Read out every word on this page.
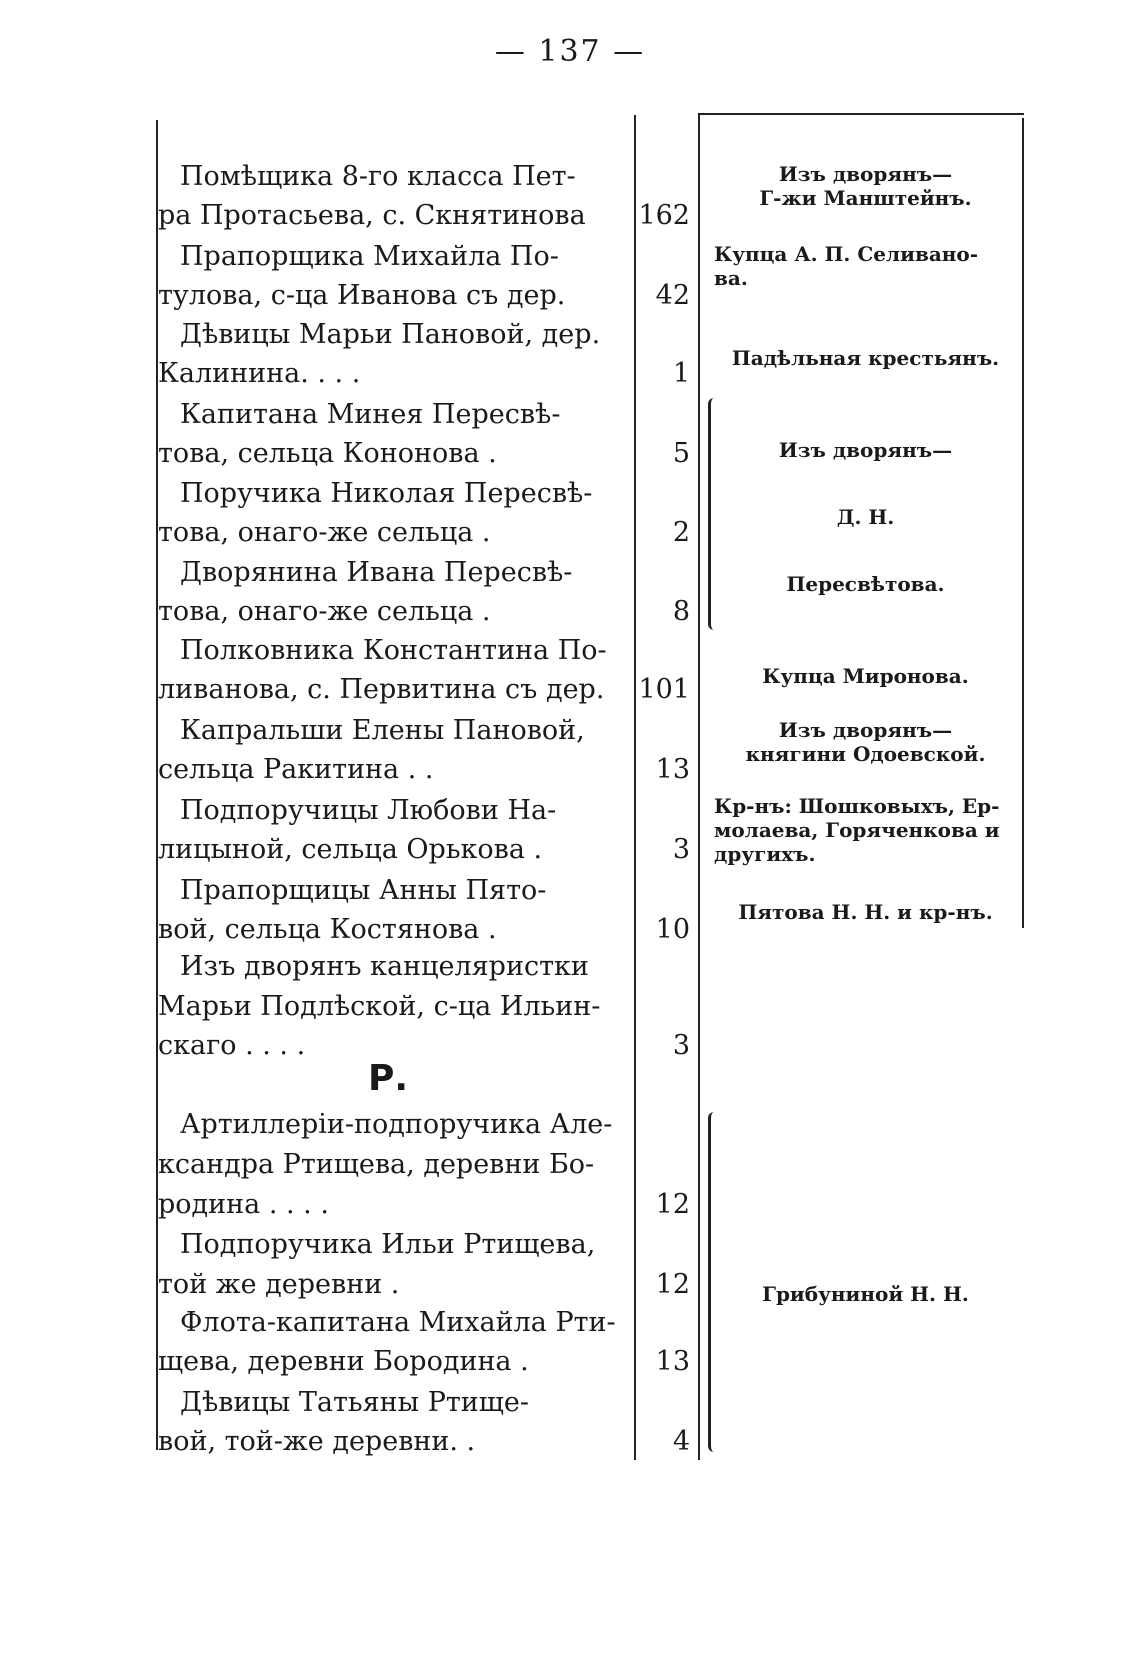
— 137 —
Помѣщика 8-го класса Пет-
ра Протасьева, с. Скнятинова
Прапорщика Михайла По-
тулова, с-ца Иванова съ дер.
Дѣвицы Марьи Пановой, дер.
Калинина. . . .
Капитана Минея Пересвѣ-
това, сельца Кононова .
Поручика Николая Пересвѣ-
това, онаго-же сельца .
Дворянина Ивана Пересвѣ-
това, онаго-же сельца .
Полковника Константина По-
ливанова, с. Первитина съ дер.
Капральши Елены Пановой,
сельца Ракитина . .
Подпоручицы Любови На-
лицыной, сельца Орькова .
Прапорщицы Анны Пято-
вой, сельца Костянова .
Изъ дворянъ канцеляристки
Марьи Подлѣской, с-ца Ильин-
скаго . . . .
Артиллеріи-подпоручика Але-
ксандра Ртищева, деревни Бо-
родина . . . .
Подпоручика Ильи Ртищева,
той же деревни .
Флота-капитана Михайла Рти-
щева, деревни Бородина .
Дѣвицы Татьяны Ртище-
вой, той-же деревни. .
162
42
1
5
2
8
101
13
3
10
3
12
12
13
4
Изъ дворянъ—
Г-жи Манштейнъ.
Купца А. П. Селивано-
ва.
Падѣльная крестьянъ.
Изъ дворянъ—
Д. Н.
Пересвѣтова.
Купца Миронова.
Изъ дворянъ—
княгини Одоевской.
Кр-нъ: Шошковыхъ, Ер-
молаева, Горяченкова и
другихъ.
Пятова Н. Н. и кр-нъ.
Грибуниной Н. Н.
Р.
